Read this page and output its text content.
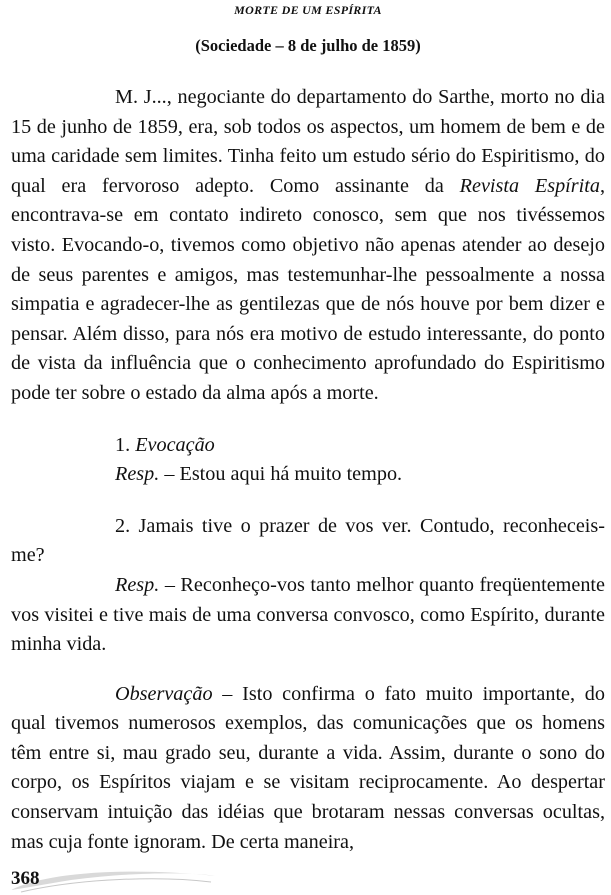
MORTE DE UM ESPÍRITA
(Sociedade – 8 de julho de 1859)

M. J..., negociante do departamento do Sarthe, morto no dia 15 de junho de 1859, era, sob todos os aspectos, um homem de bem e de uma caridade sem limites. Tinha feito um estudo sério do Espiritismo, do qual era fervoroso adepto. Como assinante da Revista Espírita, encontrava-se em contato indireto conosco, sem que nos tivéssemos visto. Evocando-o, tivemos como objetivo não apenas atender ao desejo de seus parentes e amigos, mas testemunhar-lhe pessoalmente a nossa simpatia e agradecer-lhe as gentilezas que de nós houve por bem dizer e pensar. Além disso, para nós era motivo de estudo interessante, do ponto de vista da influência que o conhecimento aprofundado do Espiritismo pode ter sobre o estado da alma após a morte.

1. Evocação

Resp. – Estou aqui há muito tempo.

2. Jamais tive o prazer de vos ver. Contudo, reconheceis-me?

Resp. – Reconheço-vos tanto melhor quanto freqüentemente vos visitei e tive mais de uma conversa convosco, como Espírito, durante minha vida.

Observação – Isto confirma o fato muito importante, do qual tivemos numerosos exemplos, das comunicações que os homens têm entre si, mau grado seu, durante a vida. Assim, durante o sono do corpo, os Espíritos viajam e se visitam reciprocamente. Ao despertar conservam intuição das idéias que brotaram nessas conversas ocultas, mas cuja fonte ignoram. De certa maneira,

368
